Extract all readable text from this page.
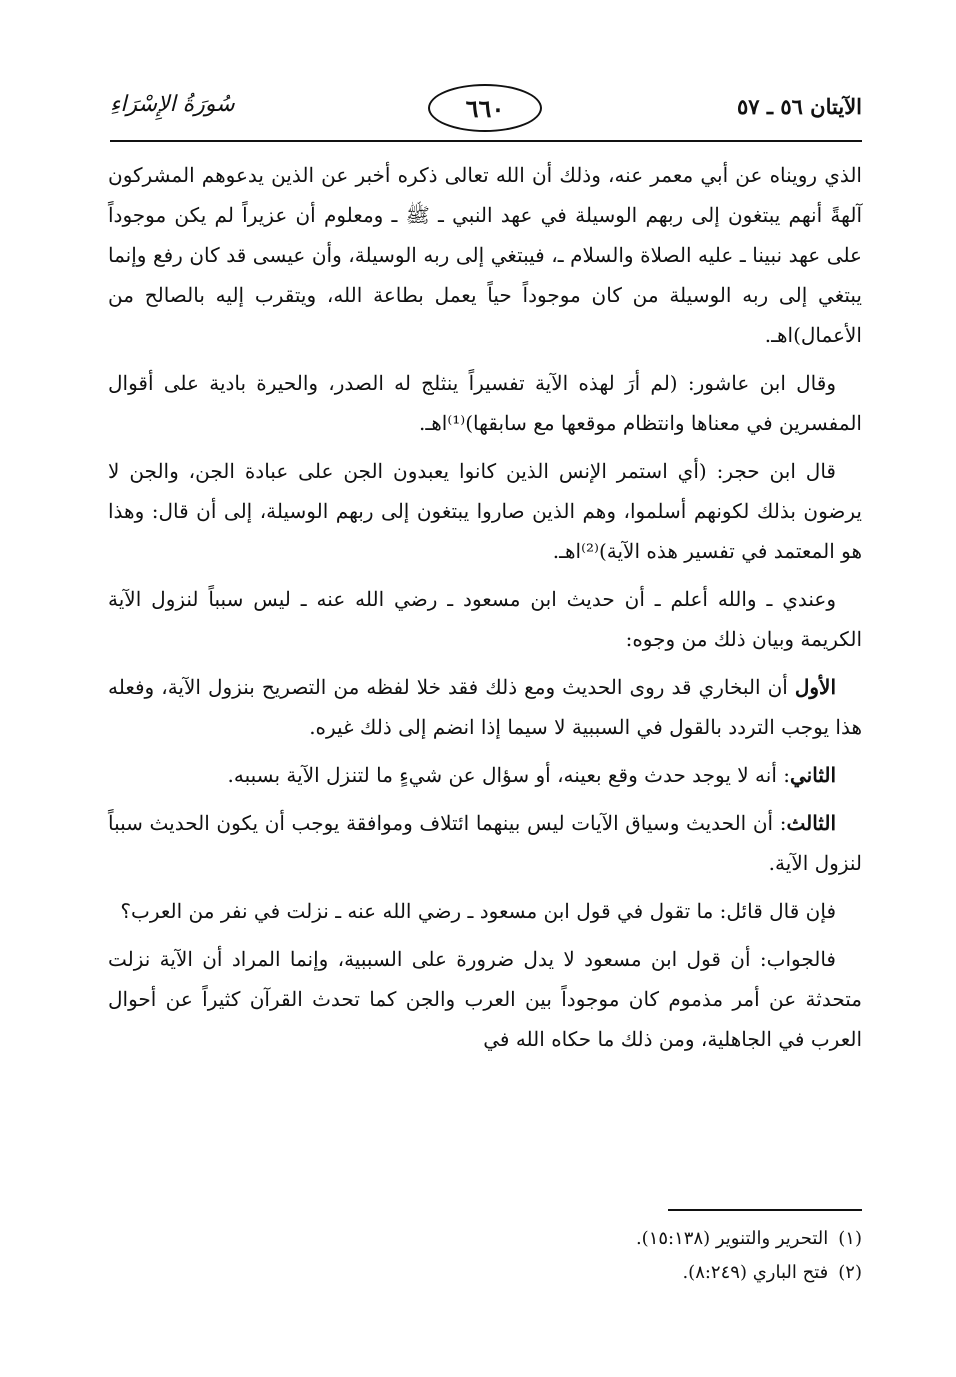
الآيتان ٥٦ ـ ٥٧
٦٦٠
سُورَةُ الإِسْرَاءِ

الذي رويناه عن أبي معمر عنه، وذلك أن الله تعالى ذكره أخبر عن الذين يدعوهم المشركون آلهةً أنهم يبتغون إلى ربهم الوسيلة في عهد النبي ـ ﷺ ـ ومعلوم أن عزيراً لم يكن موجوداً على عهد نبينا ـ عليه الصلاة والسلام ـ، فيبتغي إلى ربه الوسيلة، وأن عيسى قد كان رفع وإنما يبتغي إلى ربه الوسيلة من كان موجوداً حياً يعمل بطاعة الله، ويتقرب إليه بالصالح من الأعمال)اهـ.

وقال ابن عاشور: (لم أرَ لهذه الآية تفسيراً ينثلج له الصدر، والحيرة بادية على أقوال المفسرين في معناها وانتظام موقعها مع سابقها)⁽¹⁾اهـ.

قال ابن حجر: (أي استمر الإنس الذين كانوا يعبدون الجن على عبادة الجن، والجن لا يرضون بذلك لكونهم أسلموا، وهم الذين صاروا يبتغون إلى ربهم الوسيلة، إلى أن قال: وهذا هو المعتمد في تفسير هذه الآية)⁽²⁾اهـ.

وعندي ـ والله أعلم ـ أن حديث ابن مسعود ـ رضي الله عنه ـ ليس سبباً لنزول الآية الكريمة وبيان ذلك من وجوه:

الأول أن البخاري قد روى الحديث ومع ذلك فقد خلا لفظه من التصريح بنزول الآية، وفعله هذا يوجب التردد بالقول في السببية لا سيما إذا انضم إلى ذلك غيره.

الثاني: أنه لا يوجد حدث وقع بعينه، أو سؤال عن شيءٍ ما لتنزل الآية بسببه.

الثالث: أن الحديث وسياق الآيات ليس بينهما ائتلاف وموافقة يوجب أن يكون الحديث سبباً لنزول الآية.

فإن قال قائل: ما تقول في قول ابن مسعود ـ رضي الله عنه ـ نزلت في نفر من العرب؟

فالجواب: أن قول ابن مسعود لا يدل ضرورة على السببية، وإنما المراد أن الآية نزلت متحدثة عن أمر مذموم كان موجوداً بين العرب والجن كما تحدث القرآن كثيراً عن أحوال العرب في الجاهلية، ومن ذلك ما حكاه الله في

(١)التحرير والتنوير (١٥:١٣٨).

(٢)فتح الباري (٨:٢٤٩).
